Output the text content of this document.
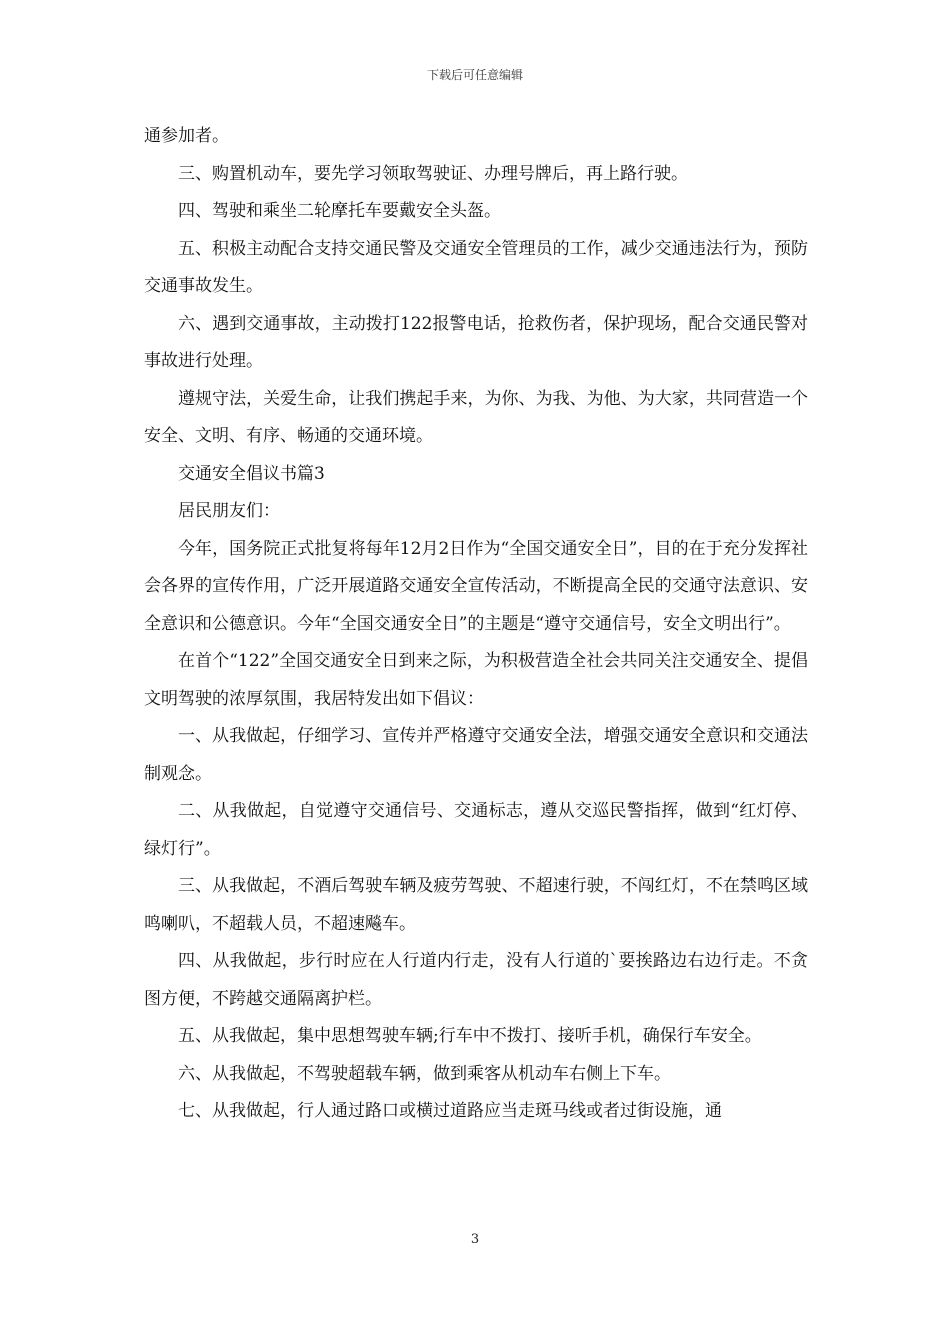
下载后可任意编辑

通参加者。

三、购置机动车，要先学习领取驾驶证、办理号牌后，再上路行驶。

四、驾驶和乘坐二轮摩托车要戴安全头盔。

五、积极主动配合支持交通民警及交通安全管理员的工作，减少交通违法行为，预防交通事故发生。

六、遇到交通事故，主动拨打122报警电话，抢救伤者，保护现场，配合交通民警对事故进行处理。

遵规守法，关爱生命，让我们携起手来，为你、为我、为他、为大家，共同营造一个安全、文明、有序、畅通的交通环境。

交通安全倡议书篇3

居民朋友们：

今年，国务院正式批复将每年12月2日作为“全国交通安全日”，目的在于充分发挥社会各界的宣传作用，广泛开展道路交通安全宣传活动，不断提高全民的交通守法意识、安全意识和公德意识。今年“全国交通安全日”的主题是“遵守交通信号，安全文明出行”。

在首个“122”全国交通安全日到来之际，为积极营造全社会共同关注交通安全、提倡文明驾驶的浓厚氛围，我居特发出如下倡议：

一、从我做起，仔细学习、宣传并严格遵守交通安全法，增强交通安全意识和交通法制观念。

二、从我做起，自觉遵守交通信号、交通标志，遵从交巡民警指挥，做到“红灯停、绿灯行”。

三、从我做起，不酒后驾驶车辆及疲劳驾驶、不超速行驶，不闯红灯，不在禁鸣区域鸣喇叭，不超载人员，不超速飚车。

四、从我做起，步行时应在人行道内行走，没有人行道的`要挨路边右边行走。不贪图方便，不跨越交通隔离护栏。

五、从我做起，集中思想驾驶车辆;行车中不拨打、接听手机，确保行车安全。

六、从我做起，不驾驶超载车辆，做到乘客从机动车右侧上下车。

七、从我做起，行人通过路口或横过道路应当走斑马线或者过街设施，通

3
